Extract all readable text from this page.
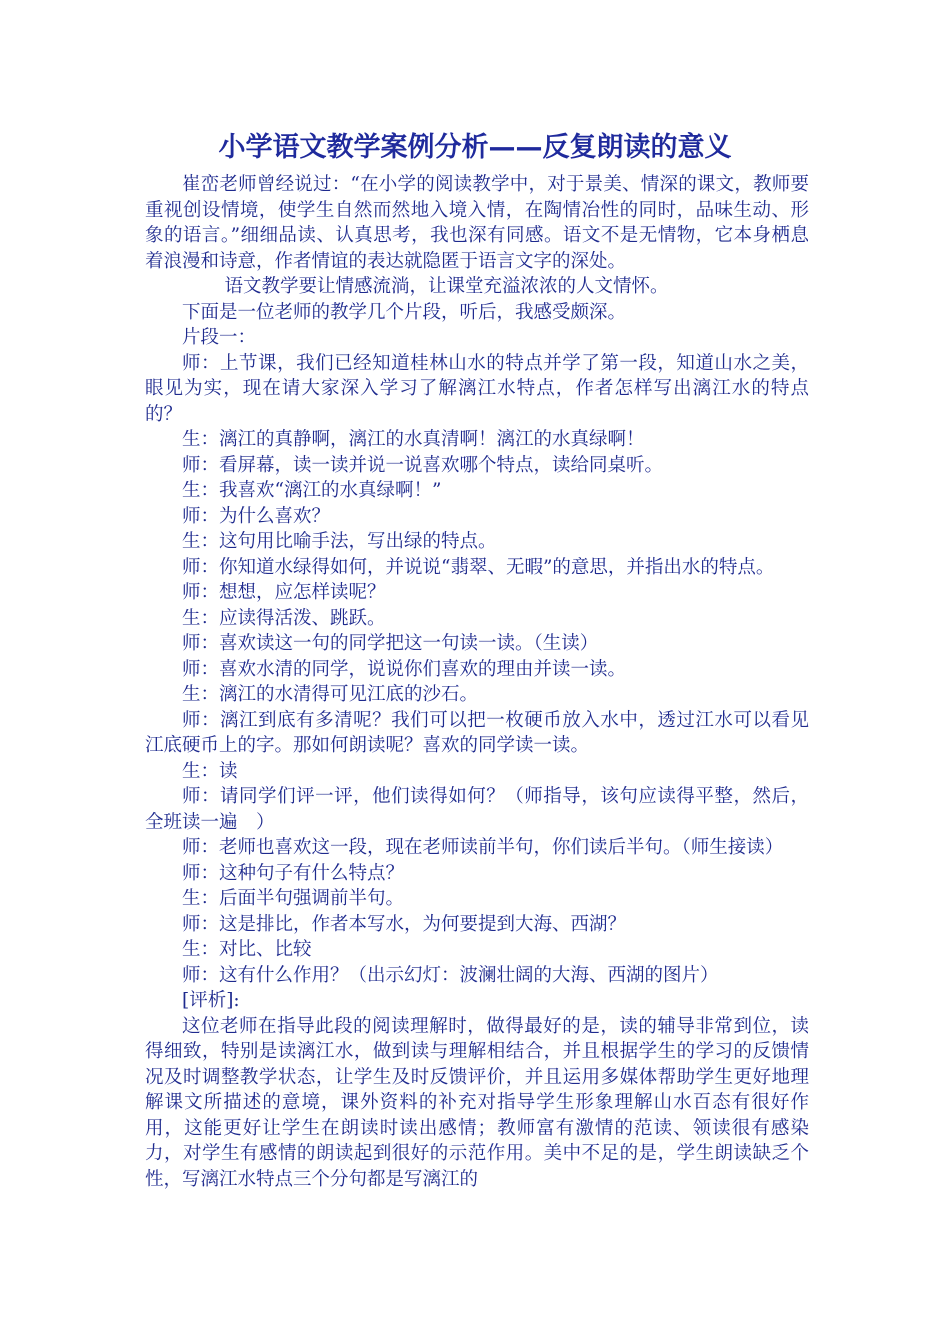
小学语文教学案例分析——反复朗读的意义

崔峦老师曾经说过：“在小学的阅读教学中，对于景美、情深的课文，教师要重视创设情境，使学生自然而然地入境入情，在陶情冶性的同时，品味生动、形象的语言。”细细品读、认真思考，我也深有同感。语文不是无情物，它本身栖息着浪漫和诗意，作者情谊的表达就隐匿于语言文字的深处。

语文教学要让情感流淌，让课堂充溢浓浓的人文情怀。

下面是一位老师的教学几个片段，听后，我感受颇深。

片段一：

师：上节课，我们已经知道桂林山水的特点并学了第一段，知道山水之美，眼见为实，现在请大家深入学习了解漓江水特点，作者怎样写出漓江水的特点的？

生：漓江的真静啊，漓江的水真清啊！漓江的水真绿啊！

师：看屏幕，读一读并说一说喜欢哪个特点，读给同桌听。

生：我喜欢“漓江的水真绿啊！”

师：为什么喜欢？

生：这句用比喻手法，写出绿的特点。

师：你知道水绿得如何，并说说“翡翠、无暇”的意思，并指出水的特点。

师：想想，应怎样读呢？

生：应读得活泼、跳跃。

师：喜欢读这一句的同学把这一句读一读。（生读）

师：喜欢水清的同学，说说你们喜欢的理由并读一读。

生：漓江的水清得可见江底的沙石。

师：漓江到底有多清呢？我们可以把一枚硬币放入水中，透过江水可以看见江底硬币上的字。那如何朗读呢？喜欢的同学读一读。

生：读

师：请同学们评一评，他们读得如何？（师指导，该句应读得平整，然后，全班读一遍　）

师：老师也喜欢这一段，现在老师读前半句，你们读后半句。（师生接读）

师：这种句子有什么特点？

生：后面半句强调前半句。

师：这是排比，作者本写水，为何要提到大海、西湖？

生：对比、比较

师：这有什么作用？（出示幻灯：波澜壮阔的大海、西湖的图片）

[评析]:

这位老师在指导此段的阅读理解时，做得最好的是，读的辅导非常到位，读得细致，特别是读漓江水，做到读与理解相结合，并且根据学生的学习的反馈情况及时调整教学状态，让学生及时反馈评价，并且运用多媒体帮助学生更好地理解课文所描述的意境，课外资料的补充对指导学生形象理解山水百态有很好作用，这能更好让学生在朗读时读出感情；教师富有激情的范读、领读很有感染力，对学生有感情的朗读起到很好的示范作用。美中不足的是，学生朗读缺乏个性，写漓江水特点三个分句都是写漓江的
